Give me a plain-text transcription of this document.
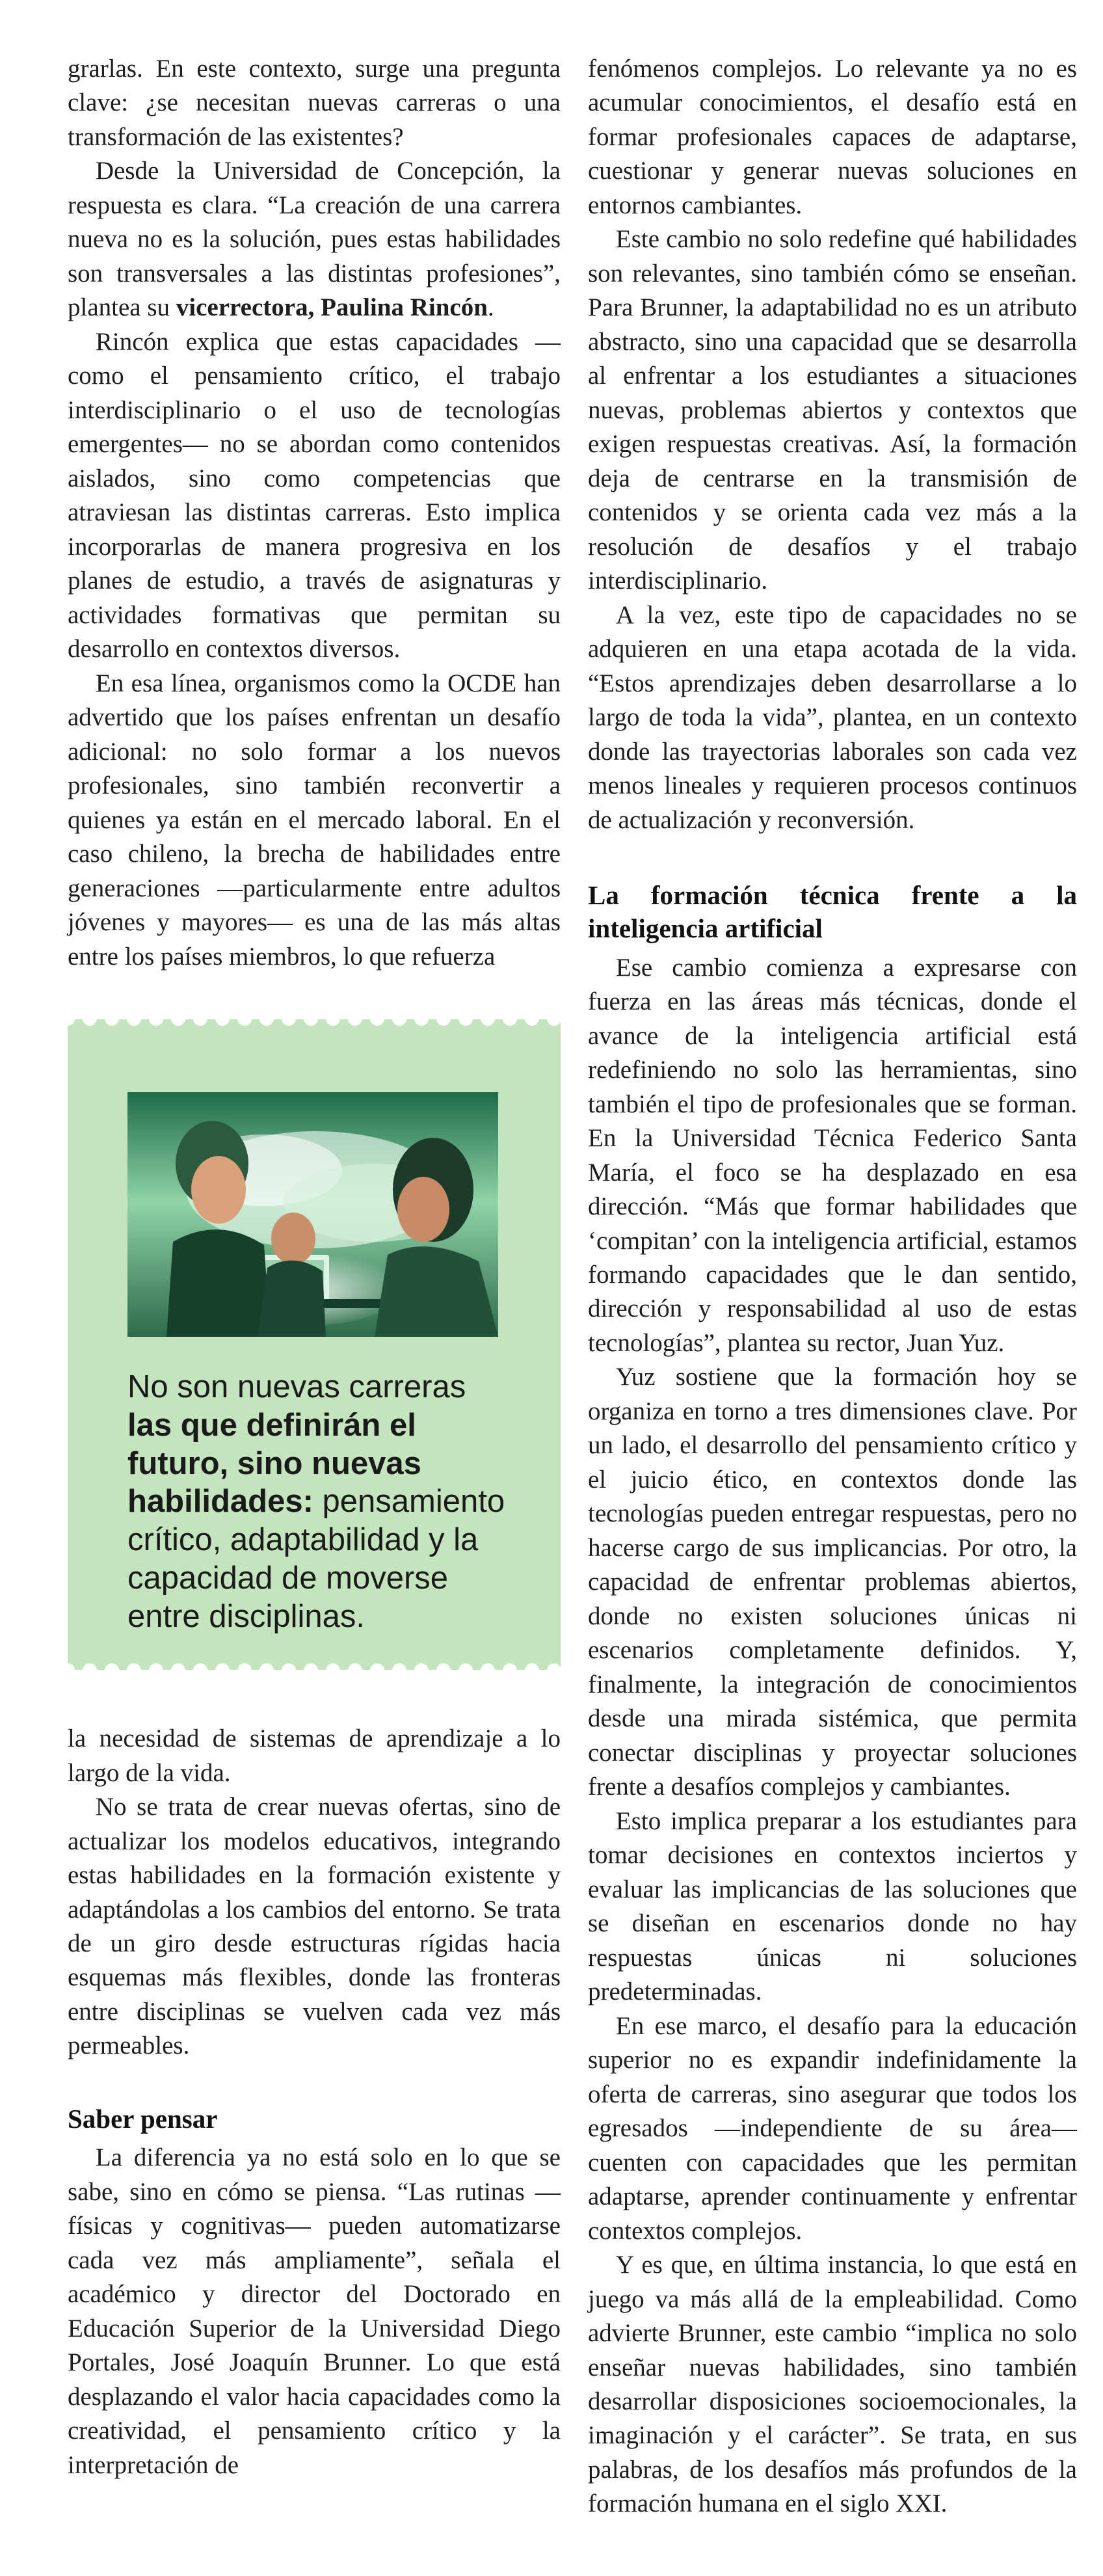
grarlas. En este contexto, surge una pregunta clave: ¿se necesitan nuevas carreras o una transformación de las existentes?

Desde la Universidad de Concepción, la respuesta es clara. “La creación de una carrera nueva no es la solución, pues estas habilidades son transversales a las distintas profesiones”, plantea su vicerrectora, Paulina Rincón.

Rincón explica que estas capacidades —como el pensamiento crítico, el trabajo interdisciplinario o el uso de tecnologías emergentes— no se abordan como contenidos aislados, sino como competencias que atraviesan las distintas carreras. Esto implica incorporarlas de manera progresiva en los planes de estudio, a través de asignaturas y actividades formativas que permitan su desarrollo en contextos diversos.

En esa línea, organismos como la OCDE han advertido que los países enfrentan un desafío adicional: no solo formar a los nuevos profesionales, sino también reconvertir a quienes ya están en el mercado laboral. En el caso chileno, la brecha de habilidades entre generaciones —particularmente entre adultos jóvenes y mayores— es una de las más altas entre los países miembros, lo que refuerza

No son nuevas carreras las que definirán el futuro, sino nuevas habilidades: pensamiento crítico, adaptabilidad y la capacidad de moverse entre disciplinas.

la necesidad de sistemas de aprendizaje a lo largo de la vida.

No se trata de crear nuevas ofertas, sino de actualizar los modelos educativos, integrando estas habilidades en la formación existente y adaptándolas a los cambios del entorno. Se trata de un giro desde estructuras rígidas hacia esquemas más flexibles, donde las fronteras entre disciplinas se vuelven cada vez más permeables.

Saber pensar

La diferencia ya no está solo en lo que se sabe, sino en cómo se piensa. “Las rutinas —físicas y cognitivas— pueden automatizarse cada vez más ampliamente”, señala el académico y director del Doctorado en Educación Superior de la Universidad Diego Portales, José Joaquín Brunner. Lo que está desplazando el valor hacia capacidades como la creatividad, el pensamiento crítico y la interpretación de

fenómenos complejos. Lo relevante ya no es acumular conocimientos, el desafío está en formar profesionales capaces de adaptarse, cuestionar y generar nuevas soluciones en entornos cambiantes.

Este cambio no solo redefine qué habilidades son relevantes, sino también cómo se enseñan. Para Brunner, la adaptabilidad no es un atributo abstracto, sino una capacidad que se desarrolla al enfrentar a los estudiantes a situaciones nuevas, problemas abiertos y contextos que exigen respuestas creativas. Así, la formación deja de centrarse en la transmisión de contenidos y se orienta cada vez más a la resolución de desafíos y el trabajo interdisciplinario.

A la vez, este tipo de capacidades no se adquieren en una etapa acotada de la vida. “Estos aprendizajes deben desarrollarse a lo largo de toda la vida”, plantea, en un contexto donde las trayectorias laborales son cada vez menos lineales y requieren procesos continuos de actualización y reconversión.

La formación técnica frente a la inteligencia artificial

Ese cambio comienza a expresarse con fuerza en las áreas más técnicas, donde el avance de la inteligencia artificial está redefiniendo no solo las herramientas, sino también el tipo de profesionales que se forman. En la Universidad Técnica Federico Santa María, el foco se ha desplazado en esa dirección. “Más que formar habilidades que ‘compitan’ con la inteligencia artificial, estamos formando capacidades que le dan sentido, dirección y responsabilidad al uso de estas tecnologías”, plantea su rector, Juan Yuz.

Yuz sostiene que la formación hoy se organiza en torno a tres dimensiones clave. Por un lado, el desarrollo del pensamiento crítico y el juicio ético, en contextos donde las tecnologías pueden entregar respuestas, pero no hacerse cargo de sus implicancias. Por otro, la capacidad de enfrentar problemas abiertos, donde no existen soluciones únicas ni escenarios completamente definidos. Y, finalmente, la integración de conocimientos desde una mirada sistémica, que permita conectar disciplinas y proyectar soluciones frente a desafíos complejos y cambiantes.

Esto implica preparar a los estudiantes para tomar decisiones en contextos inciertos y evaluar las implicancias de las soluciones que se diseñan en escenarios donde no hay respuestas únicas ni soluciones predeterminadas.

En ese marco, el desafío para la educación superior no es expandir indefinidamente la oferta de carreras, sino asegurar que todos los egresados —independiente de su área— cuenten con capacidades que les permitan adaptarse, aprender continuamente y enfrentar contextos complejos.

Y es que, en última instancia, lo que está en juego va más allá de la empleabilidad. Como advierte Brunner, este cambio “implica no solo enseñar nuevas habilidades, sino también desarrollar disposiciones socioemocionales, la imaginación y el carácter”. Se trata, en sus palabras, de los desafíos más profundos de la formación humana en el siglo XXI.
